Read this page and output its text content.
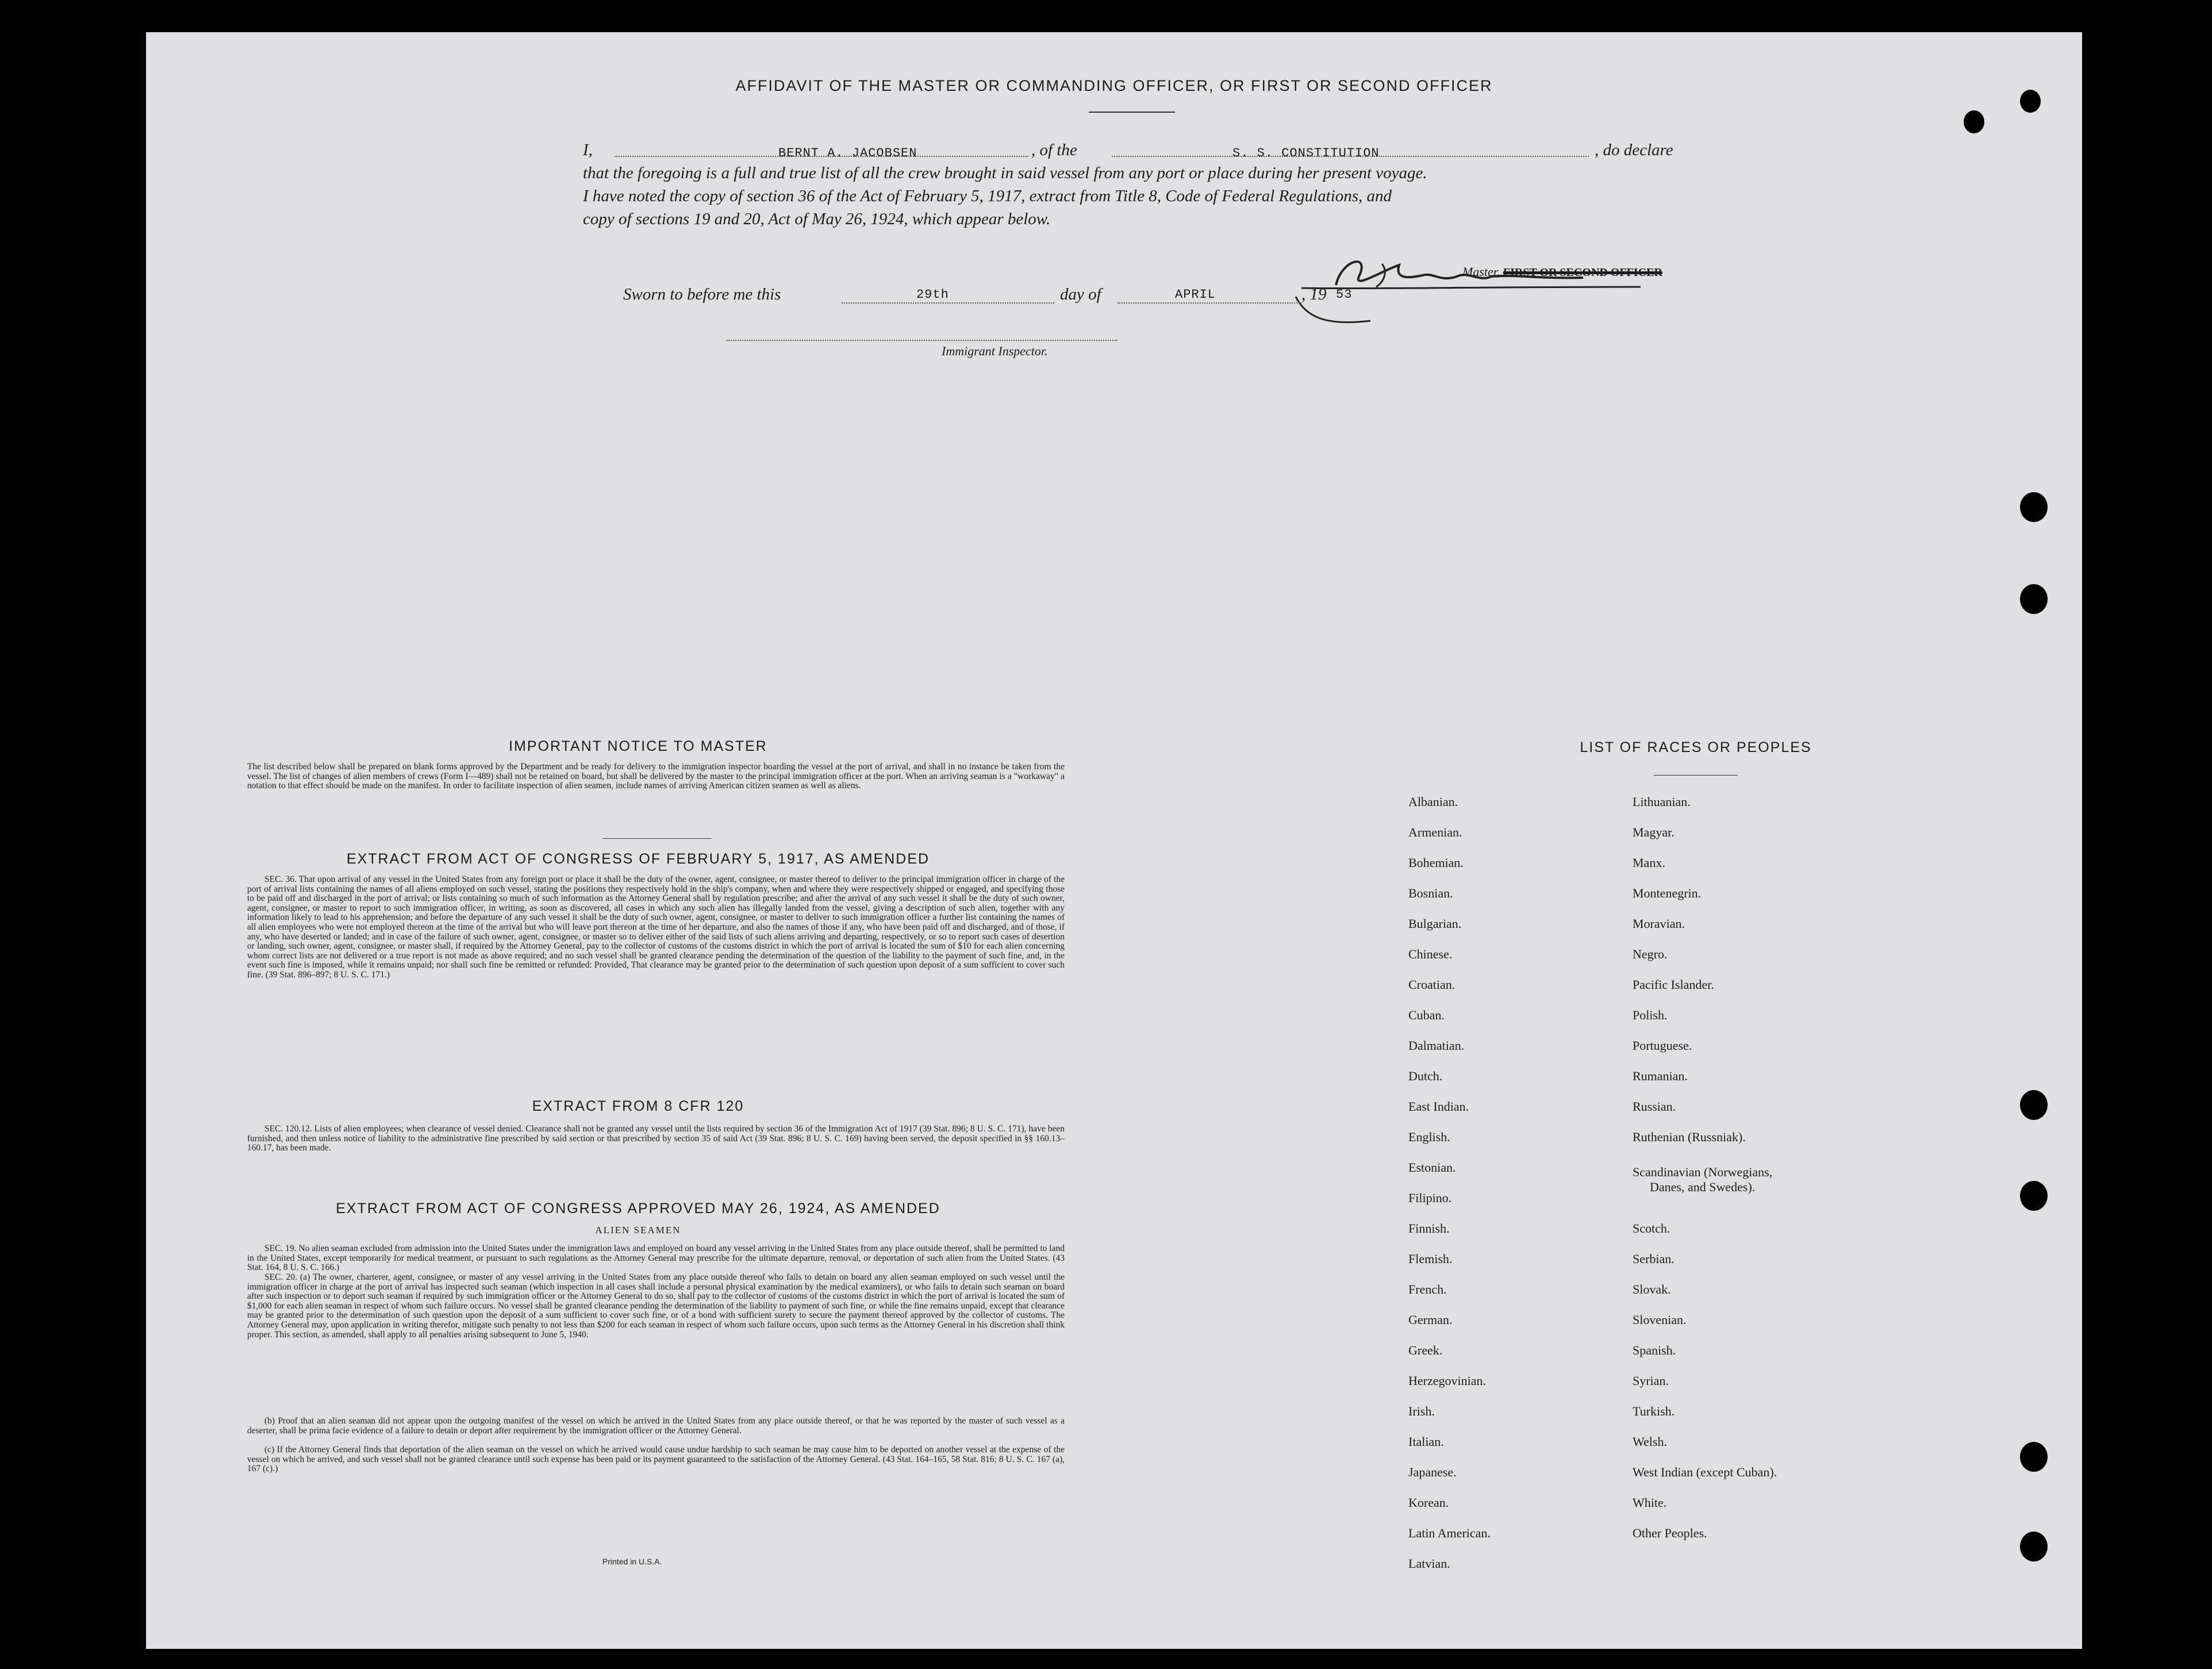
AFFIDAVIT OF THE MASTER OR COMMANDING OFFICER, OR FIRST OR SECOND OFFICER
I,	BERNT A. JACOBSEN	, of the	S. S. CONSTITUTION	, do declare
that the foregoing is a full and true list of all the crew brought in said vessel from any port or place during her present voyage.
I have noted the copy of section 36 of the Act of February 5, 1917, extract from Title 8, Code of Federal Regulations, and
copy of sections 19 and 20, Act of May 26, 1924, which appear below.
Master, FIRST OR SECOND OFFICER
Sworn to before me this	29th	day of	APRIL	, 19 53
Immigrant Inspector.
IMPORTANT NOTICE TO MASTER
The list described below shall be prepared on blank forms approved by the Department and be ready for delivery to the immigration inspector boarding the vessel at the port of arrival, and shall in no instance be taken from the vessel. The list of changes of alien members of crews (Form I—489) shall not be retained on board, but shall be delivered by the master to the principal immigration officer at the port. When an arriving seaman is a "workaway" a notation to that effect should be made on the manifest. In order to facilitate inspection of alien seamen, include names of arriving American citizen seamen as well as aliens.
EXTRACT FROM ACT OF CONGRESS OF FEBRUARY 5, 1917, AS AMENDED
SEC. 36. That upon arrival of any vessel in the United States from any foreign port or place it shall be the duty of the owner, agent, consignee, or master thereof to deliver to the principal immigration officer in charge of the port of arrival lists containing the names of all aliens employed on such vessel, stating the positions they respectively hold in the ship's company, when and where they were respectively shipped or engaged, and specifying those to be paid off and discharged in the port of arrival; or lists containing so much of such information as the Attorney General shall by regulation prescribe; and after the arrival of any such vessel it shall be the duty of such owner, agent, consignee, or master to report to such immigration officer, in writing, as soon as discovered, all cases in which any such alien has illegally landed from the vessel, giving a description of such alien, together with any information likely to lead to his apprehension; and before the departure of any such vessel it shall be the duty of such owner, agent, consignee, or master to deliver to such immigration officer a further list containing the names of all alien employees who were not employed thereon at the time of the arrival but who will leave port thereon at the time of her departure, and also the names of those if any, who have been paid off and discharged, and of those, if any, who have deserted or landed; and in case of the failure of such owner, agent, consignee, or master so to deliver either of the said lists of such aliens arriving and departing, respectively, or so to report such cases of desertion or landing, such owner, agent, consignee, or master shall, if required by the Attorney General, pay to the collector of customs of the customs district in which the port of arrival is located the sum of $10 for each alien concerning whom correct lists are not delivered or a true report is not made as above required; and no such vessel shall be granted clearance pending the determination of the question of the liability to the payment of such fine, and, in the event such fine is imposed, while it remains unpaid; nor shall such fine be remitted or refunded: Provided, That clearance may be granted prior to the determination of such question upon deposit of a sum sufficient to cover such fine. (39 Stat. 896–897; 8 U. S. C. 171.)
EXTRACT FROM 8 CFR 120
SEC. 120.12. Lists of alien employees; when clearance of vessel denied. Clearance shall not be granted any vessel until the lists required by section 36 of the Immigration Act of 1917 (39 Stat. 896; 8 U. S. C. 171), have been furnished, and then unless notice of liability to the administrative fine prescribed by said section or that prescribed by section 35 of said Act (39 Stat. 896; 8 U. S. C. 169) having been served, the deposit specified in §§ 160.13–160.17, has been made.
EXTRACT FROM ACT OF CONGRESS APPROVED MAY 26, 1924, AS AMENDED
ALIEN SEAMEN
SEC. 19. No alien seaman excluded from admission into the United States under the immigration laws and employed on board any vessel arriving in the United States from any place outside thereof, shall be permitted to land in the United States, except temporarily for medical treatment, or pursuant to such regulations as the Attorney General may prescribe for the ultimate departure, removal, or deportation of such alien from the United States. (43 Stat. 164, 8 U. S. C. 166.)
SEC. 20. (a) The owner, charterer, agent, consignee, or master of any vessel arriving in the United States from any place outside thereof who fails to detain on board any alien seaman employed on such vessel until the immigration officer in charge at the port of arrival has inspected such seaman (which inspection in all cases shall include a personal physical examination by the medical examiners), or who fails to detain such seaman on board after such inspection or to deport such seaman if required by such immigration officer or the Attorney General to do so, shall pay to the collector of customs of the customs district in which the port of arrival is located the sum of $1,000 for each alien seaman in respect of whom such failure occurs. No vessel shall be granted clearance pending the determination of the liability to payment of such fine, or while the fine remains unpaid, except that clearance may be granted prior to the determination of such question upon the deposit of a sum sufficient to cover such fine, or of a bond with sufficient surety to secure the payment thereof approved by the collector of customs. The Attorney General may, upon application in writing therefor, mitigate such penalty to not less than $200 for each seaman in respect of whom such failure occurs, upon such terms as the Attorney General in his discretion shall think proper. This section, as amended, shall apply to all penalties arising subsequent to June 5, 1940.
(b) Proof that an alien seaman did not appear upon the outgoing manifest of the vessel on which he arrived in the United States from any place outside thereof, or that he was reported by the master of such vessel as a deserter, shall be prima facie evidence of a failure to detain or deport after requirement by the immigration officer or the Attorney General.
(c) If the Attorney General finds that deportation of the alien seaman on the vessel on which he arrived would cause undue hardship to such seaman he may cause him to be deported on another vessel at the expense of the vessel on which he arrived, and such vessel shall not be granted clearance until such expense has been paid or its payment guaranteed to the satisfaction of the Attorney General. (43 Stat. 164–165, 58 Stat. 816; 8 U. S. C. 167 (a), 167 (c).)
Printed in U.S.A.
LIST OF RACES OR PEOPLES
Albanian.
Armenian.
Bohemian.
Bosnian.
Bulgarian.
Chinese.
Croatian.
Cuban.
Dalmatian.
Dutch.
East Indian.
English.
Estonian.
Filipino.
Finnish.
Flemish.
French.
German.
Greek.
Herzegovinian.
Irish.
Italian.
Japanese.
Korean.
Latin American.
Latvian.
Lithuanian.
Magyar.
Manx.
Montenegrin.
Moravian.
Negro.
Pacific Islander.
Polish.
Portuguese.
Rumanian.
Russian.
Ruthenian (Russniak).
Scandinavian (Norwegians,
Danes, and Swedes).
Scotch.
Serbian.
Slovak.
Slovenian.
Spanish.
Syrian.
Turkish.
Welsh.
West Indian (except Cuban).
White.
Other Peoples.
